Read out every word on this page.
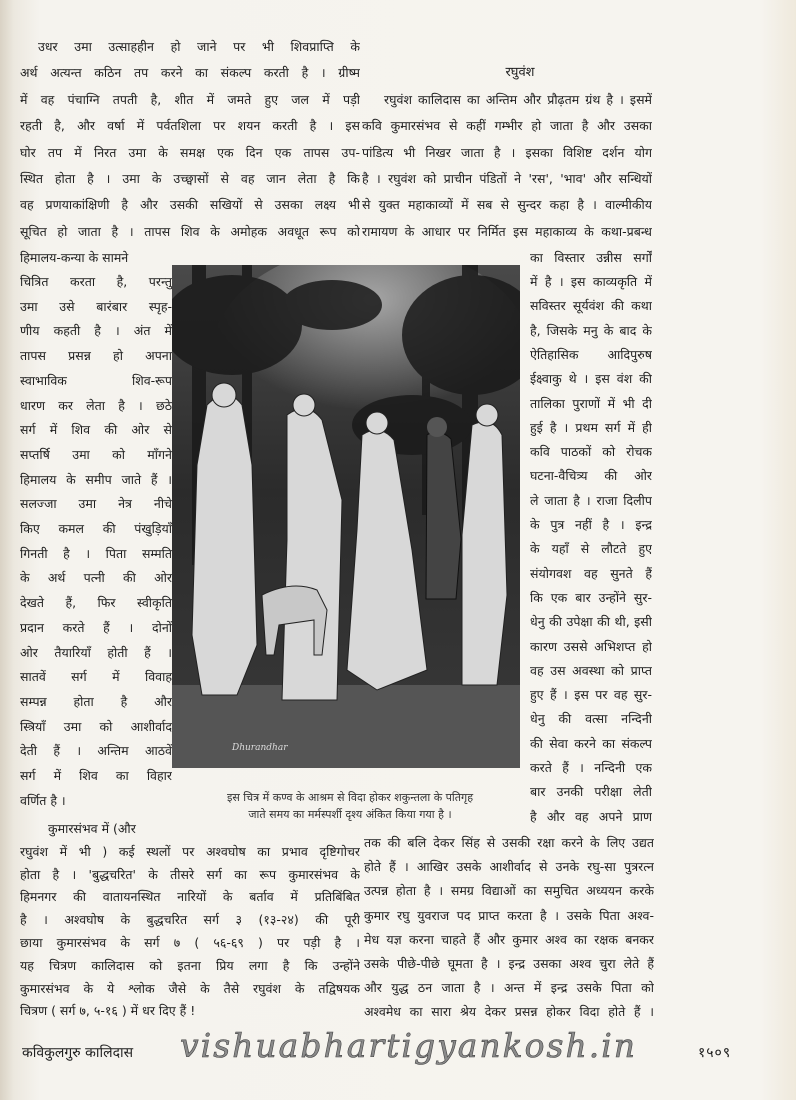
रघुवंश
Dhurandhar
उधर उमा उत्साहहीन हो जाने पर भी शिवप्राप्ति के
अर्थ अत्यन्त कठिन तप करने का संकल्प करती है । ग्रीष्म
में वह पंचाग्नि तपती है, शीत में जमते हुए जल में पड़ी
रहती है, और वर्षा में पर्वतशिला पर शयन करती है । इस
घोर तप में निरत उमा के समक्ष एक दिन एक तापस उप-
स्थित होता है । उमा के उच्छ्वासों से वह जान लेता है कि
वह प्रणयाकांक्षिणी है और उसकी सखियों से उसका लक्ष्य भी
सूचित हो जाता है । तापस शिव के अमोहक अवधूत रूप को
हिमालय-कन्या के सामने
चित्रित करता है, परन्तु
उमा उसे बारंबार स्पृह-
णीय कहती है । अंत में
तापस प्रसन्न हो अपना
स्वाभाविक शिव-रूप
धारण कर लेता है । छठे
सर्ग में शिव की ओर से
सप्तर्षि उमा को माँगने
हिमालय के समीप जाते हैं ।
सलज्जा उमा नेत्र नीचे
किए कमल की पंखुड़ियाँ
गिनती है । पिता सम्मति
के अर्थ पत्नी की ओर
देखते हैं, फिर स्वीकृति
प्रदान करते हैं । दोनों
ओर तैयारियाँ होती हैं ।
सातवें सर्ग में विवाह
सम्पन्न होता है और
स्त्रियाँ उमा को आशीर्वाद
देती हैं । अन्तिम आठवें
सर्ग में शिव का विहार
वर्णित है ।
रघुवंश कालिदास का अन्तिम और प्रौढ़तम ग्रंथ है । इसमें
कवि कुमारसंभव से कहीं गम्भीर हो जाता है और उसका
पांडित्य भी निखर जाता है । इसका विशिष्ट दर्शन योग
है । रघुवंश को प्राचीन पंडितों ने 'रस', 'भाव' और सन्धियों
से युक्त महाकाव्यों में सब से सुन्दर कहा है । वाल्मीकीय
रामायण के आधार पर निर्मित इस महाकाव्य के कथा-प्रबन्ध
का विस्तार उन्नीस सर्गों
में है । इस काव्यकृति में
सविस्तर सूर्यवंश की कथा
है, जिसके मनु के बाद के
ऐतिहासिक आदिपुरुष
ईक्ष्वाकु थे । इस वंश की
तालिका पुराणों में भी दी
हुई है । प्रथम सर्ग में ही
कवि पाठकों को रोचक
घटना-वैचित्र्य की ओर
ले जाता है । राजा दिलीप
के पुत्र नहीं है । इन्द्र
के यहाँ से लौटते हुए
संयोगवश वह सुनते हैं
कि एक बार उन्होंने सुर-
धेनु की उपेक्षा की थी, इसी
कारण उससे अभिशप्त हो
वह उस अवस्था को प्राप्त
हुए हैं । इस पर वह सुर-
धेनु की वत्सा नन्दिनी
की सेवा करने का संकल्प
करते हैं । नन्दिनी एक
बार उनकी परीक्षा लेती
है और वह अपने प्राण
कुमारसंभव में (और
रघुवंश में भी ) कई स्थलों पर अश्वघोष का प्रभाव दृष्टिगोचर
होता है । 'बुद्धचरित' के तीसरे सर्ग का रूप कुमारसंभव के
हिमनगर की वातायनस्थित नारियों के बर्ताव में प्रतिबिंबित
है । अश्वघोष के बुद्धचरित सर्ग ३ (१३-२४) की पूरी
छाया कुमारसंभव के सर्ग ७ ( ५६-६९ ) पर पड़ी है ।
यह चित्रण कालिदास को इतना प्रिय लगा है कि उन्होंने
कुमारसंभव के ये श्लोक जैसे के तैसे रघुवंश के तद्विषयक
चित्रण ( सर्ग ७, ५-१६ ) में धर दिए हैं !
तक की बलि देकर सिंह से उसकी रक्षा करने के लिए उद्यत
होते हैं । आखिर उसके आशीर्वाद से उनके रघु-सा पुत्ररत्न
उत्पन्न होता है । समग्र विद्याओं का समुचित अध्ययन करके
कुमार रघु युवराज पद प्राप्त करता है । उसके पिता अश्व-
मेध यज्ञ करना चाहते हैं और कुमार अश्व का रक्षक बनकर
उसके पीछे-पीछे घूमता है । इन्द्र उसका अश्व चुरा लेते हैं
और युद्ध ठन जाता है । अन्त में इन्द्र उसके पिता को
अश्वमेध का सारा श्रेय देकर प्रसन्न होकर विदा होते हैं ।
इस चित्र में कण्व के आश्रम से विदा होकर शकुन्तला के पतिगृह
जाते समय का मर्मस्पर्शी दृश्य अंकित किया गया है ।
कविकुलगुरु कालिदास vishuabhartigyankosh.in	१५०९
